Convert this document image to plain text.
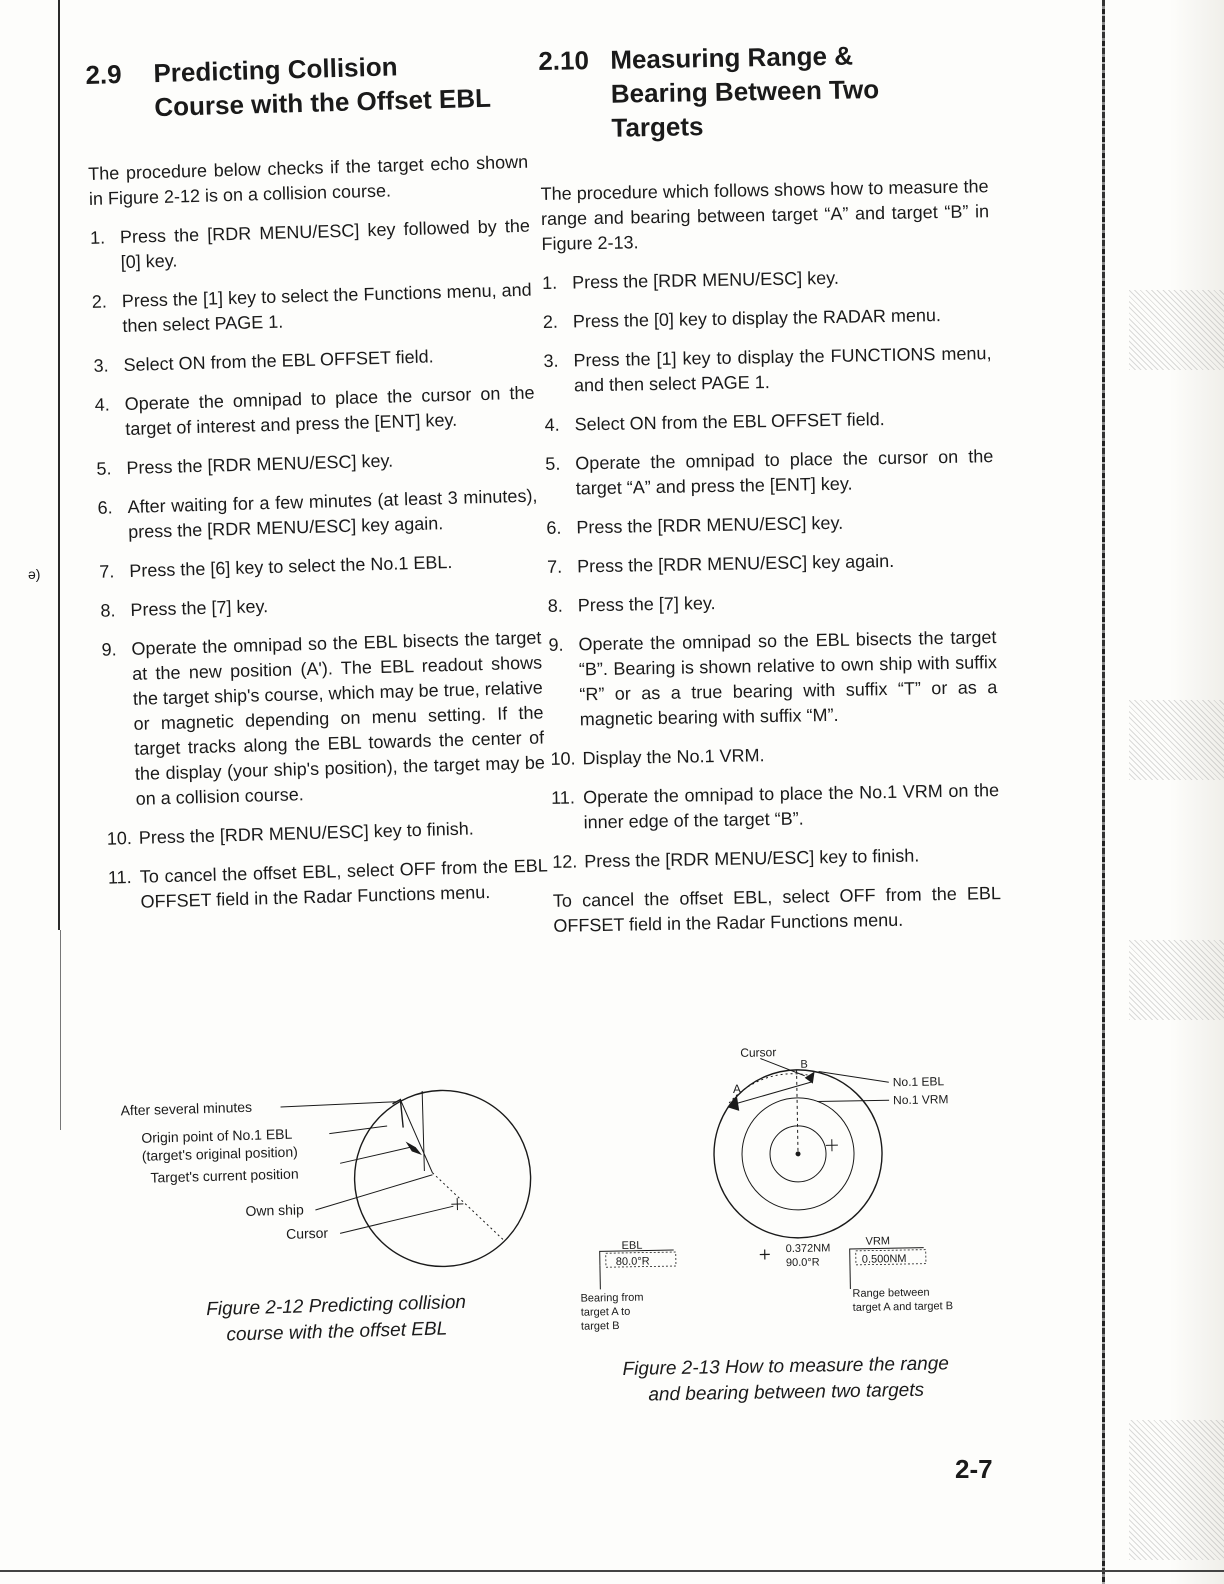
ə)
2.9	Predicting Collision
Course with the Offset EBL

The procedure below checks if the target echo shown in Figure 2-12 is on a collision course.

1. Press the [RDR MENU/ESC] key followed by the [0] key.
2. Press the [1] key to select the Functions menu, and then select PAGE 1.
3. Select ON from the EBL OFFSET field.
4. Operate the omnipad to place the cursor on the target of interest and press the [ENT] key.
5. Press the [RDR MENU/ESC] key.
6. After waiting for a few minutes (at least 3 minutes), press the [RDR MENU/ESC] key again.
7. Press the [6] key to select the No.1 EBL.
8. Press the [7] key.
9. Operate the omnipad so the EBL bisects the target at the new position (A'). The EBL readout shows the target ship's course, which may be true, relative or magnetic depending on menu setting. If the target tracks along the EBL towards the center of the display (your ship's position), the target may be on a collision course.
10. Press the [RDR MENU/ESC] key to finish.
11. To cancel the offset EBL, select OFF from the EBL OFFSET field in the Radar Functions menu.
After several minutes
Origin point of No.1 EBL
(target's original position)
Target's current position
Own ship
Cursor
Figure 2-12 Predicting collision
course with the offset EBL
2.10 Measuring Range &
Bearing Between Two
Targets

The procedure which follows shows how to measure the range and bearing between target “A” and target “B” in Figure 2-13.

1. Press the [RDR MENU/ESC] key.
2. Press the [0] key to display the RADAR menu.
3. Press the [1] key to display the FUNCTIONS menu, and then select PAGE 1.
4. Select ON from the EBL OFFSET field.
5. Operate the omnipad to place the cursor on the target “A” and press the [ENT] key.
6. Press the [RDR MENU/ESC] key.
7. Press the [RDR MENU/ESC] key again.
8. Press the [7] key.
9. Operate the omnipad so the EBL bisects the target “B”. Bearing is shown relative to own ship with suffix “R” or as a true bearing with suffix “T” or as a magnetic bearing with suffix “M”.
10. Display the No.1 VRM.
11. Operate the omnipad to place the No.1 VRM on the inner edge of the target “B”.
12. Press the [RDR MENU/ESC] key to finish.

To cancel the offset EBL, select OFF from the EBL OFFSET field in the Radar Functions menu.

Cursor
A
B
No.1 EBL
No.1 VRM
EBL
80.0°R
Bearing from
target A to
target B
0.372NM
90.0°R
VRM
0.500NM
Range between
target A and target B
Figure 2-13 How to measure the range
and bearing between two targets
2-7
